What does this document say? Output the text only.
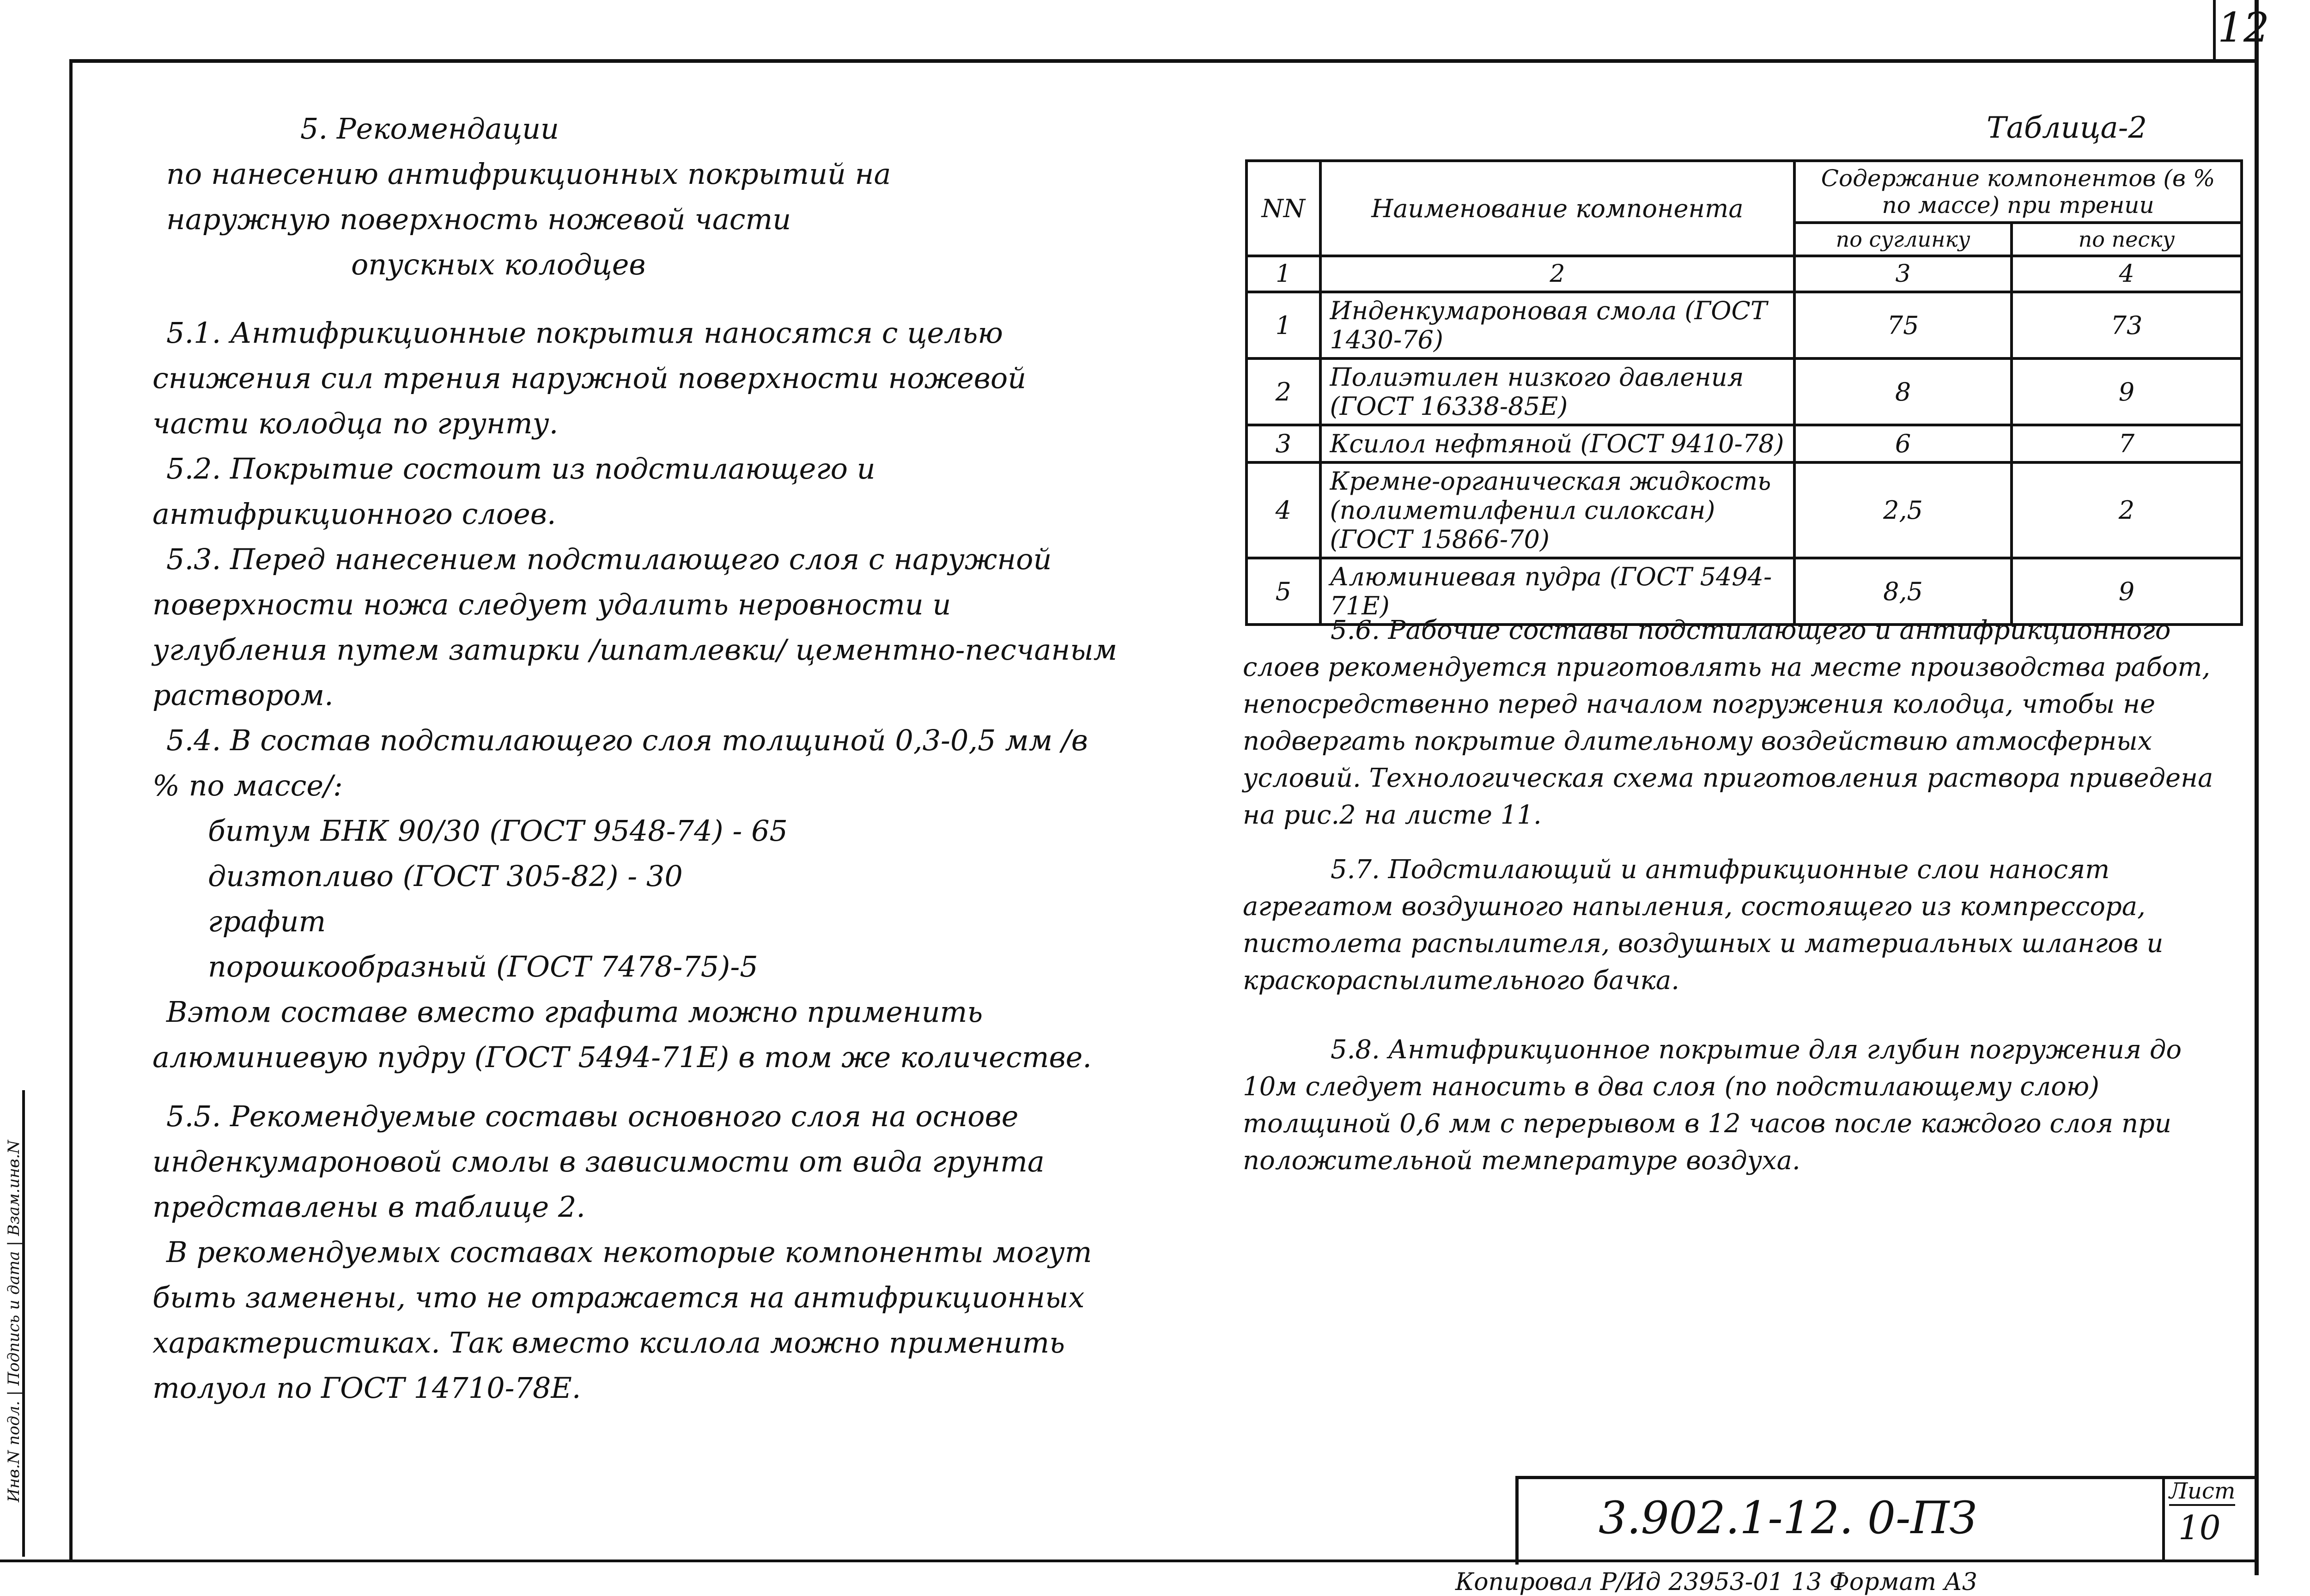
12

5. Рекомендации

по нанесению антифрикционных покрытий на

наружную поверхность ножевой части

опускных колодцев

5.1. Антифрикционные покрытия наносятся с целью снижения сил трения наружной поверхности ножевой части колодца по грунту.

5.2. Покрытие состоит из подстилающего и антифрикционного слоев.

5.3. Перед нанесением подстилающего слоя с наружной поверхности ножа следует удалить неровности и углубления путем затирки /шпатлевки/ цементно-песчаным раствором.

5.4. В состав подстилающего слоя толщиной 0,3-0,5 мм /в % по массе/:

битум БНК 90/30 (ГОСТ 9548-74) - 65

дизтопливо (ГОСТ 305-82) - 30

графит

порошкообразный (ГОСТ 7478-75)-5

Вэтом составе вместо графита можно применить алюминиевую пудру (ГОСТ 5494-71Е) в том же количестве.

5.5. Рекомендуемые составы основного слоя на основе инденкумароновой смолы в зависимости от вида грунта представлены в таблице 2.

В рекомендуемых составах некоторые компоненты могут быть заменены, что не отражается на антифрикционных характеристиках. Так вместо ксилола можно применить толуол по ГОСТ 14710-78Е.

Таблица-2
NN	Наименование компонента	Содержание компонентов (в % по массе) при трении	
		по суглинку	по песку
1	2	3	4
1	Инденкумароновая смола (ГОСТ 1430-76)	75	73
2	Полиэтилен низкого давления (ГОСТ 16338-85Е)	8	9
3	Ксилол нефтяной (ГОСТ 9410-78)	6	7
4	Кремне-органическая жидкость (полиметилфенил силоксан) (ГОСТ 15866-70)	2,5	2
5	Алюминиевая пудра (ГОСТ 5494-71Е)	8,5	9

5.6. Рабочие составы подстилающего и антифрикционного слоев рекомендуется приготовлять на месте производства работ, непосредственно перед началом погружения колодца, чтобы не подвергать покрытие длительному воздействию атмосферных условий. Технологическая схема приготовления раствора приведена на рис.2 на листе 11.

5.7. Подстилающий и антифрикционные слои наносят агрегатом воздушного напыления, состоящего из компрессора, пистолета распылителя, воздушных и материальных шлангов и краскораспылительного бачка.

5.8. Антифрикционное покрытие для глубин погружения до 10м следует наносить в два слоя (по подстилающему слою) толщиной 0,6 мм с перерывом в 12 часов после каждого слоя при положительной температуре воздуха.

3.902.1-12. 0-ПЗ
Лист
10
Копировал Р/Ид 23953-01 13 Формат А3
Инв.N подл. | Подпись и дата | Взам.инв.N
